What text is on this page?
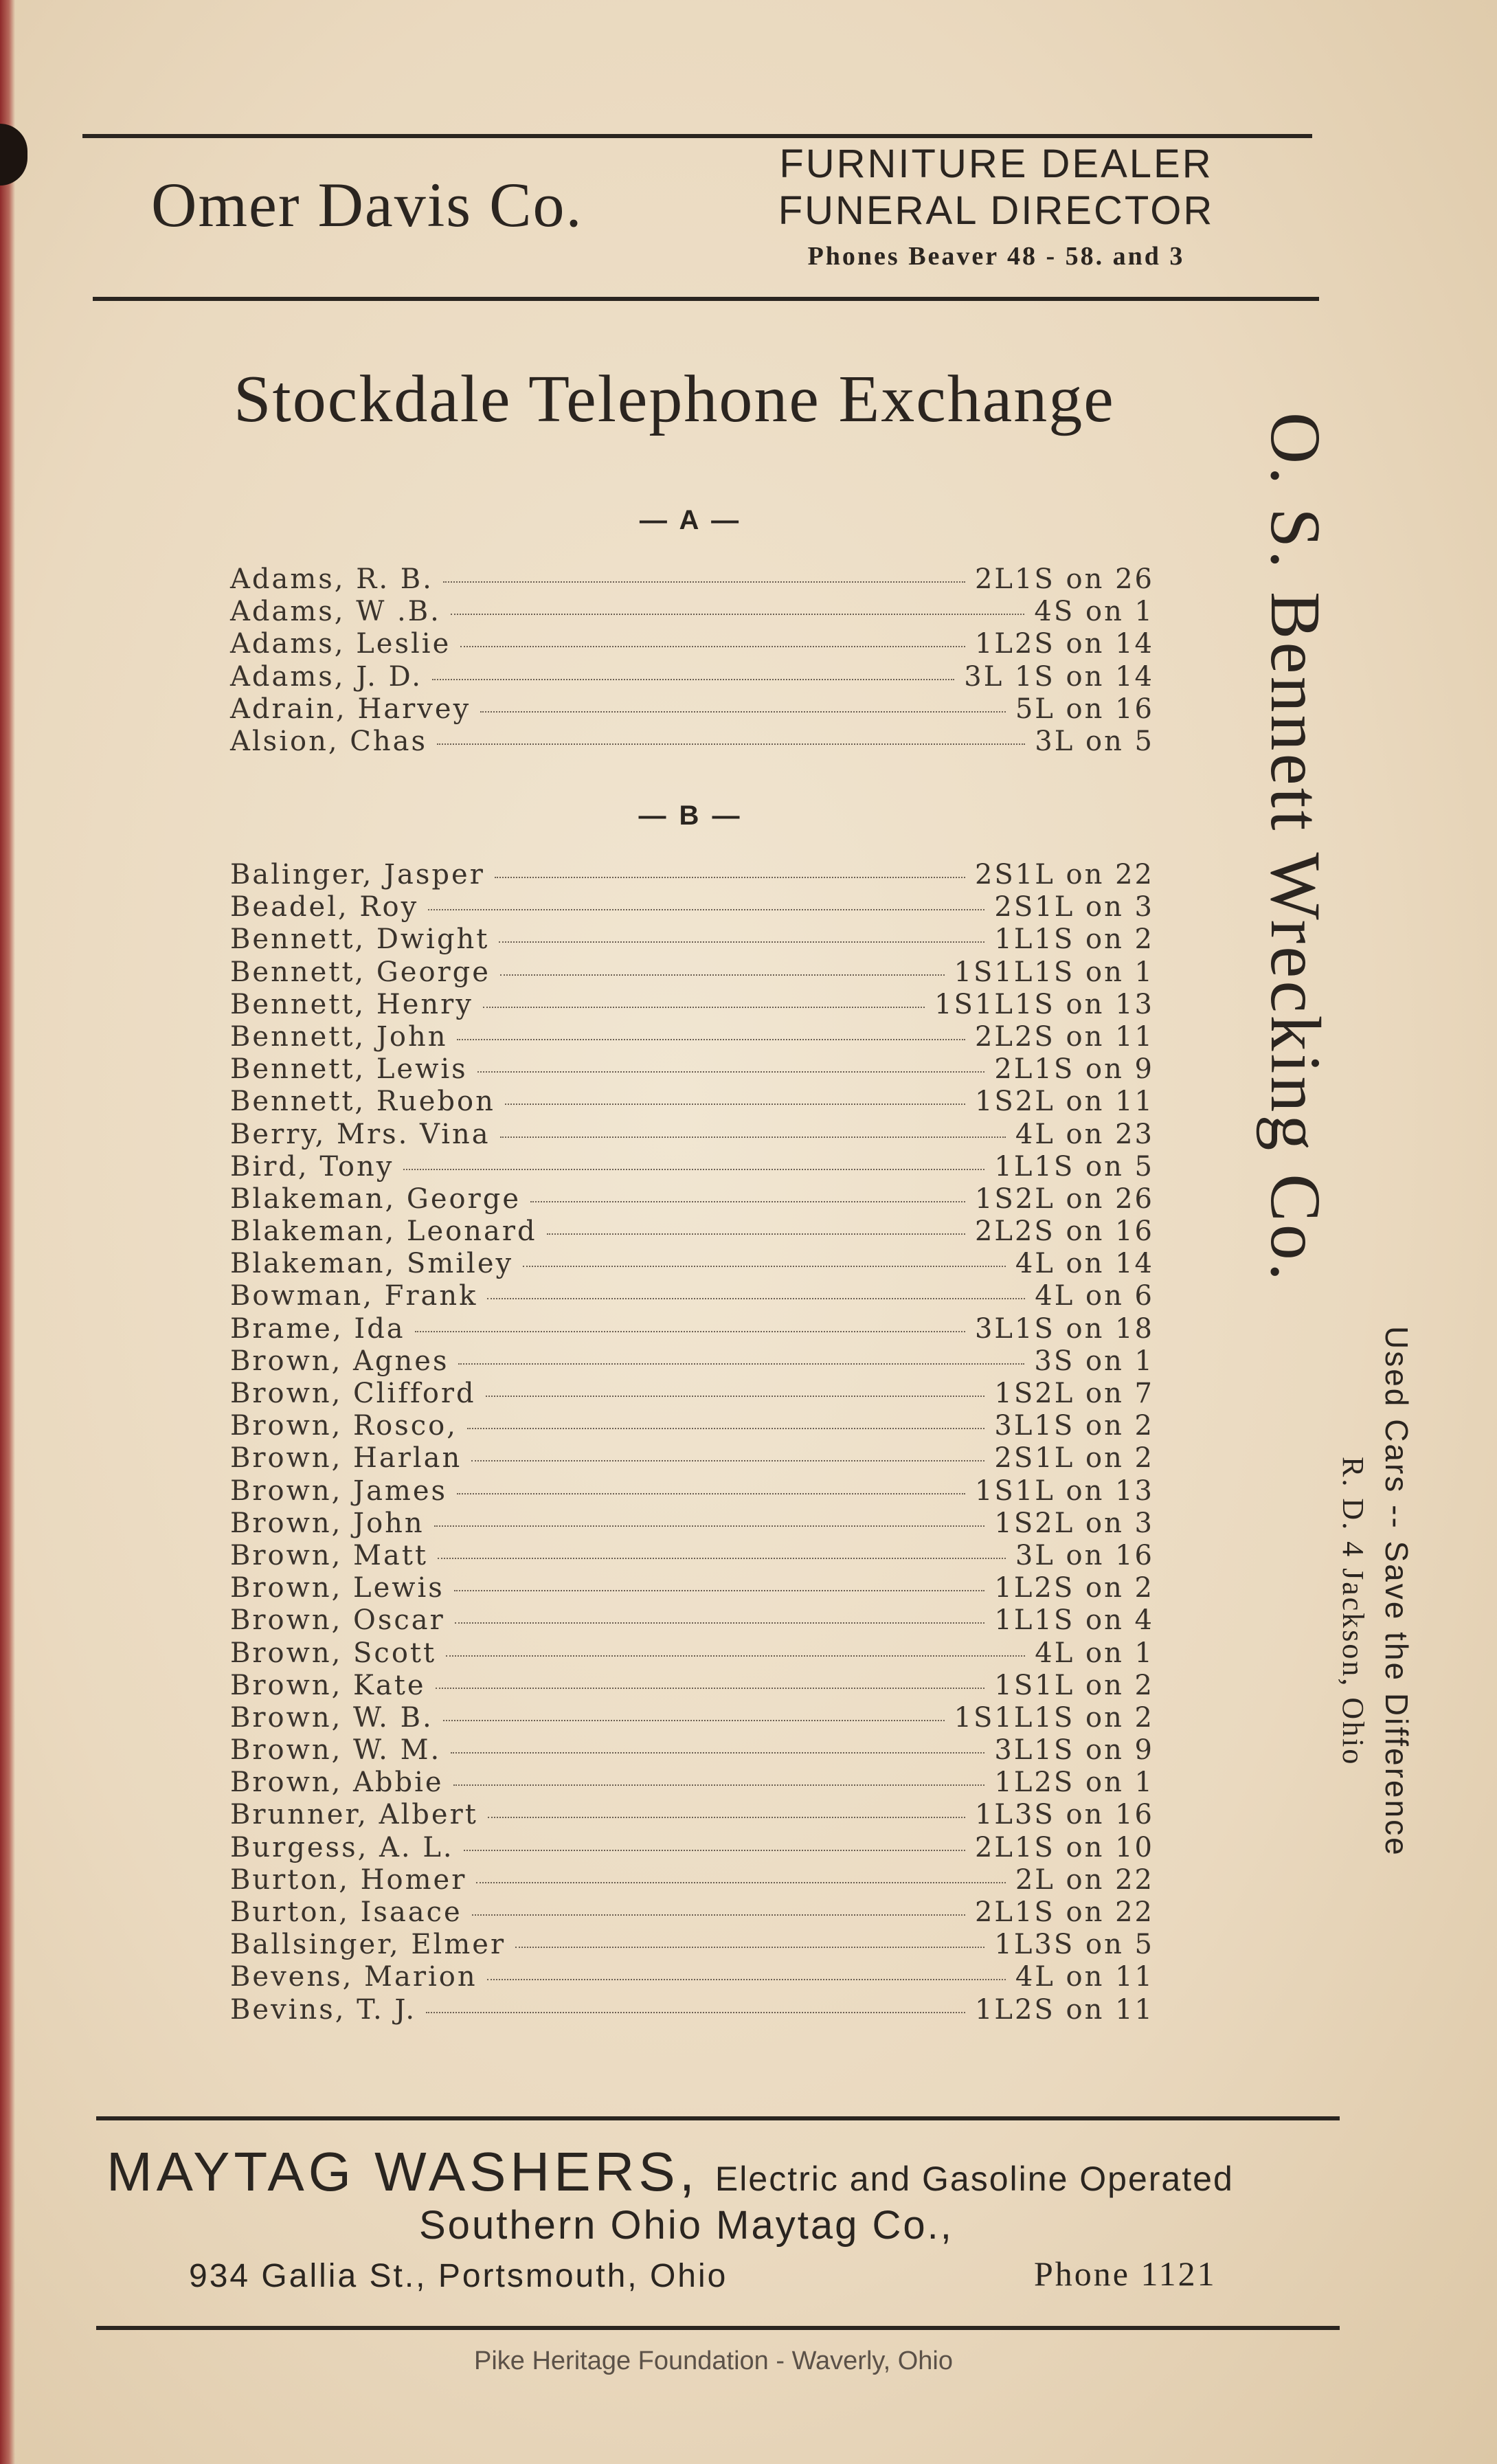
Omer Davis Co.
FURNITURE DEALER
FUNERAL DIRECTOR
Phones Beaver 48 - 58. and 3
Stockdale Telephone Exchange
— A —
Adams, R. B.	2L1S on 26
Adams, W .B.	4S on 1
Adams, Leslie	1L2S on 14
Adams, J. D.	3L 1S on 14
Adrain, Harvey	5L on 16
Alsion, Chas	3L on 5
— B —
Balinger, Jasper	2S1L on 22
Beadel, Roy	2S1L on 3
Bennett, Dwight	1L1S on 2
Bennett, George	1S1L1S on 1
Bennett, Henry	1S1L1S on 13
Bennett, John	2L2S on 11
Bennett, Lewis	2L1S on 9
Bennett, Ruebon	1S2L on 11
Berry, Mrs. Vina	4L on 23
Bird, Tony	1L1S on 5
Blakeman, George	1S2L on 26
Blakeman, Leonard	2L2S on 16
Blakeman, Smiley	4L on 14
Bowman, Frank	4L on 6
Brame, Ida	3L1S on 18
Brown, Agnes	3S on 1
Brown, Clifford	1S2L on 7
Brown, Rosco,	3L1S on 2
Brown, Harlan	2S1L on 2
Brown, James	1S1L on 13
Brown, John	1S2L on 3
Brown, Matt	3L on 16
Brown, Lewis	1L2S on 2
Brown, Oscar	1L1S on 4
Brown, Scott	4L on 1
Brown, Kate	1S1L on 2
Brown, W. B.	1S1L1S on 2
Brown, W. M.	3L1S on 9
Brown, Abbie	1L2S on 1
Brunner, Albert	1L3S on 16
Burgess, A. L.	2L1S on 10
Burton, Homer	2L on 22
Burton, Isaace	2L1S on 22
Ballsinger, Elmer	1L3S on 5
Bevens, Marion	4L on 11
Bevins, T. J.	1L2S on 11
O. S. Bennett Wrecking Co.
Used Cars -- Save the Difference
R. D. 4 Jackson, Ohio
MAYTAG WASHERS, Electric and Gasoline Operated
Southern Ohio Maytag Co.,
934 Gallia St., Portsmouth, Ohio	Phone 1121
Pike Heritage Foundation - Waverly, Ohio
